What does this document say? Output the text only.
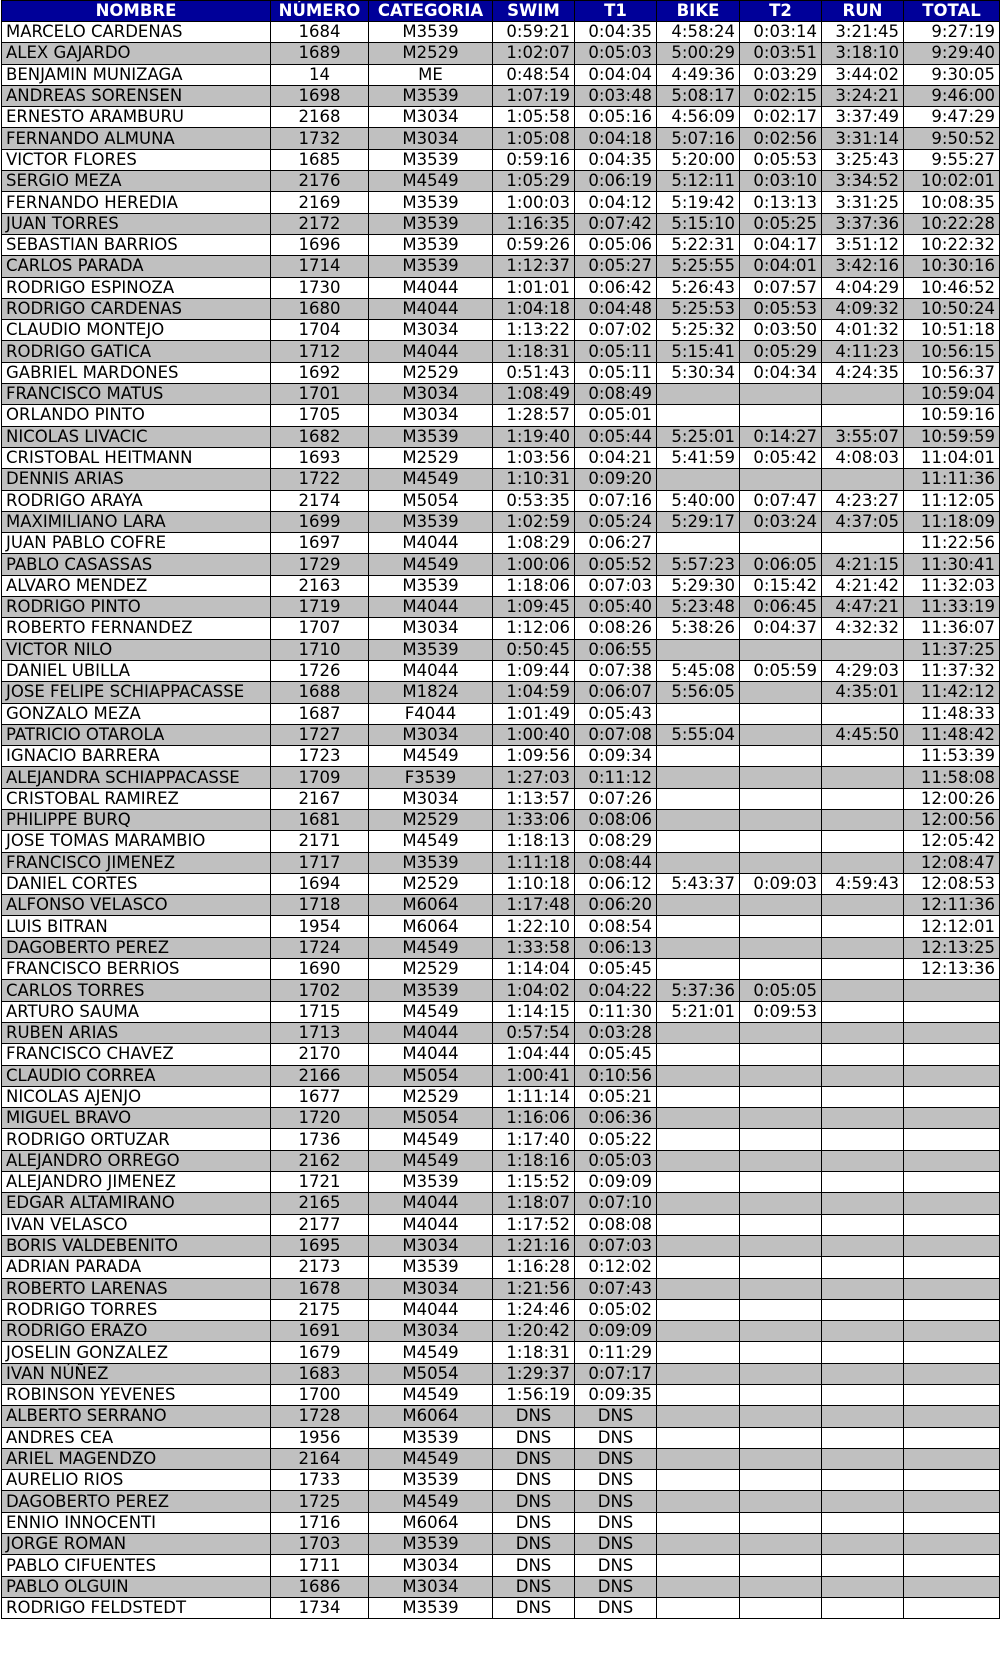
NOMBRE	NÚMERO	CATEGORIA	SWIM	T1	BIKE	T2	RUN	TOTAL
MARCELO CARDENAS	1684	M3539	0:59:21	0:04:35	4:58:24	0:03:14	3:21:45	9:27:19
ALEX GAJARDO	1689	M2529	1:02:07	0:05:03	5:00:29	0:03:51	3:18:10	9:29:40
BENJAMIN MUNIZAGA	14	ME	0:48:54	0:04:04	4:49:36	0:03:29	3:44:02	9:30:05
ANDREAS SORENSEN	1698	M3539	1:07:19	0:03:48	5:08:17	0:02:15	3:24:21	9:46:00
ERNESTO ARAMBURU	2168	M3034	1:05:58	0:05:16	4:56:09	0:02:17	3:37:49	9:47:29
FERNANDO ALMUNA	1732	M3034	1:05:08	0:04:18	5:07:16	0:02:56	3:31:14	9:50:52
VICTOR FLORES	1685	M3539	0:59:16	0:04:35	5:20:00	0:05:53	3:25:43	9:55:27
SERGIO MEZA	2176	M4549	1:05:29	0:06:19	5:12:11	0:03:10	3:34:52	10:02:01
FERNANDO HEREDIA	2169	M3539	1:00:03	0:04:12	5:19:42	0:13:13	3:31:25	10:08:35
JUAN TORRES	2172	M3539	1:16:35	0:07:42	5:15:10	0:05:25	3:37:36	10:22:28
SEBASTIAN BARRIOS	1696	M3539	0:59:26	0:05:06	5:22:31	0:04:17	3:51:12	10:22:32
CARLOS PARADA	1714	M3539	1:12:37	0:05:27	5:25:55	0:04:01	3:42:16	10:30:16
RODRIGO ESPINOZA	1730	M4044	1:01:01	0:06:42	5:26:43	0:07:57	4:04:29	10:46:52
RODRIGO CARDENAS	1680	M4044	1:04:18	0:04:48	5:25:53	0:05:53	4:09:32	10:50:24
CLAUDIO MONTEJO	1704	M3034	1:13:22	0:07:02	5:25:32	0:03:50	4:01:32	10:51:18
RODRIGO GATICA	1712	M4044	1:18:31	0:05:11	5:15:41	0:05:29	4:11:23	10:56:15
GABRIEL MARDONES	1692	M2529	0:51:43	0:05:11	5:30:34	0:04:34	4:24:35	10:56:37
FRANCISCO MATUS	1701	M3034	1:08:49	0:08:49				10:59:04
ORLANDO PINTO	1705	M3034	1:28:57	0:05:01				10:59:16
NICOLAS LIVACIC	1682	M3539	1:19:40	0:05:44	5:25:01	0:14:27	3:55:07	10:59:59
CRISTOBAL HEITMANN	1693	M2529	1:03:56	0:04:21	5:41:59	0:05:42	4:08:03	11:04:01
DENNIS ARIAS	1722	M4549	1:10:31	0:09:20				11:11:36
RODRIGO ARAYA	2174	M5054	0:53:35	0:07:16	5:40:00	0:07:47	4:23:27	11:12:05
MAXIMILIANO LARA	1699	M3539	1:02:59	0:05:24	5:29:17	0:03:24	4:37:05	11:18:09
JUAN PABLO COFRE	1697	M4044	1:08:29	0:06:27				11:22:56
PABLO CASASSAS	1729	M4549	1:00:06	0:05:52	5:57:23	0:06:05	4:21:15	11:30:41
ALVARO MENDEZ	2163	M3539	1:18:06	0:07:03	5:29:30	0:15:42	4:21:42	11:32:03
RODRIGO PINTO	1719	M4044	1:09:45	0:05:40	5:23:48	0:06:45	4:47:21	11:33:19
ROBERTO FERNANDEZ	1707	M3034	1:12:06	0:08:26	5:38:26	0:04:37	4:32:32	11:36:07
VICTOR NILO	1710	M3539	0:50:45	0:06:55				11:37:25
DANIEL UBILLA	1726	M4044	1:09:44	0:07:38	5:45:08	0:05:59	4:29:03	11:37:32
JOSE FELIPE SCHIAPPACASSE	1688	M1824	1:04:59	0:06:07	5:56:05		4:35:01	11:42:12
GONZALO MEZA	1687	F4044	1:01:49	0:05:43				11:48:33
PATRICIO OTAROLA	1727	M3034	1:00:40	0:07:08	5:55:04		4:45:50	11:48:42
IGNACIO BARRERA	1723	M4549	1:09:56	0:09:34				11:53:39
ALEJANDRA SCHIAPPACASSE	1709	F3539	1:27:03	0:11:12				11:58:08
CRISTOBAL RAMIREZ	2167	M3034	1:13:57	0:07:26				12:00:26
PHILIPPE BURQ	1681	M2529	1:33:06	0:08:06				12:00:56
JOSE TOMAS MARAMBIO	2171	M4549	1:18:13	0:08:29				12:05:42
FRANCISCO JIMENEZ	1717	M3539	1:11:18	0:08:44				12:08:47
DANIEL CORTES	1694	M2529	1:10:18	0:06:12	5:43:37	0:09:03	4:59:43	12:08:53
ALFONSO VELASCO	1718	M6064	1:17:48	0:06:20				12:11:36
LUIS BITRAN	1954	M6064	1:22:10	0:08:54				12:12:01
DAGOBERTO PEREZ	1724	M4549	1:33:58	0:06:13				12:13:25
FRANCISCO BERRIOS	1690	M2529	1:14:04	0:05:45				12:13:36
CARLOS TORRES	1702	M3539	1:04:02	0:04:22	5:37:36	0:05:05		
ARTURO SAUMA	1715	M4549	1:14:15	0:11:30	5:21:01	0:09:53		
RUBEN ARIAS	1713	M4044	0:57:54	0:03:28				
FRANCISCO CHAVEZ	2170	M4044	1:04:44	0:05:45				
CLAUDIO CORREA	2166	M5054	1:00:41	0:10:56				
NICOLAS AJENJO	1677	M2529	1:11:14	0:05:21				
MIGUEL BRAVO	1720	M5054	1:16:06	0:06:36				
RODRIGO ORTUZAR	1736	M4549	1:17:40	0:05:22				
ALEJANDRO ORREGO	2162	M4549	1:18:16	0:05:03				
ALEJANDRO JIMENEZ	1721	M3539	1:15:52	0:09:09				
EDGAR ALTAMIRANO	2165	M4044	1:18:07	0:07:10				
IVAN VELASCO	2177	M4044	1:17:52	0:08:08				
BORIS VALDEBENITO	1695	M3034	1:21:16	0:07:03				
ADRIAN PARADA	2173	M3539	1:16:28	0:12:02				
ROBERTO LARENAS	1678	M3034	1:21:56	0:07:43				
RODRIGO TORRES	2175	M4044	1:24:46	0:05:02				
RODRIGO ERAZO	1691	M3034	1:20:42	0:09:09				
JOSELIN GONZALEZ	1679	M4549	1:18:31	0:11:29				
IVAN NÚÑEZ	1683	M5054	1:29:37	0:07:17				
ROBINSON YEVENES	1700	M4549	1:56:19	0:09:35				
ALBERTO SERRANO	1728	M6064	DNS	DNS				
ANDRES CEA	1956	M3539	DNS	DNS				
ARIEL MAGENDZO	2164	M4549	DNS	DNS				
AURELIO RIOS	1733	M3539	DNS	DNS				
DAGOBERTO PEREZ	1725	M4549	DNS	DNS				
ENNIO INNOCENTI	1716	M6064	DNS	DNS				
JORGE ROMAN	1703	M3539	DNS	DNS				
PABLO CIFUENTES	1711	M3034	DNS	DNS				
PABLO OLGUIN	1686	M3034	DNS	DNS				
RODRIGO FELDSTEDT	1734	M3539	DNS	DNS				
